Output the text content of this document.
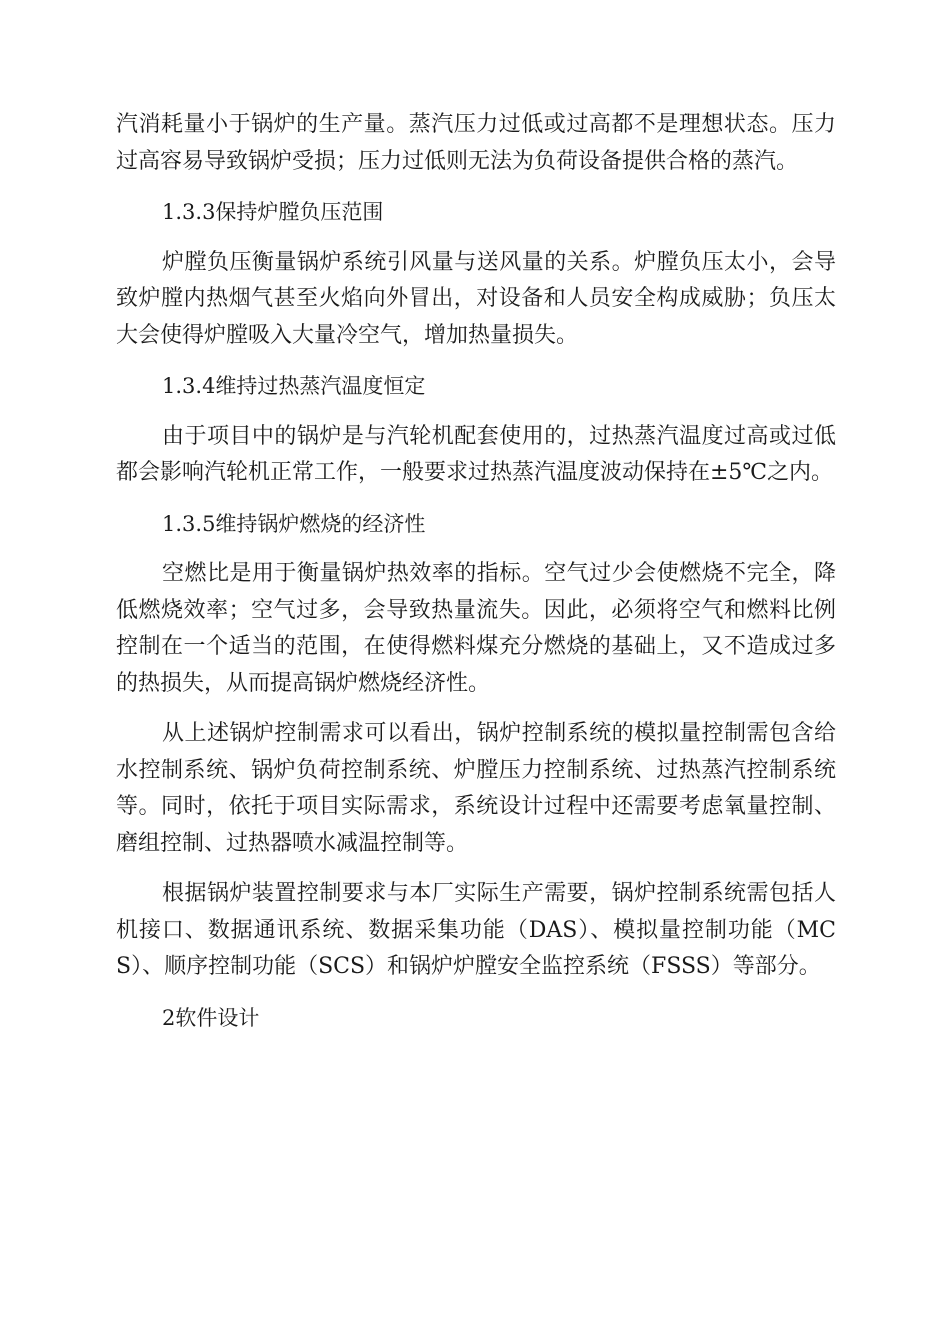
汽消耗量小于锅炉的生产量。蒸汽压力过低或过高都不是理想状态。压力过高容易导致锅炉受损；压力过低则无法为负荷设备提供合格的蒸汽。

1.3.3保持炉膛负压范围

炉膛负压衡量锅炉系统引风量与送风量的关系。炉膛负压太小，会导致炉膛内热烟气甚至火焰向外冒出，对设备和人员安全构成威胁；负压太大会使得炉膛吸入大量冷空气，增加热量损失。

1.3.4维持过热蒸汽温度恒定

由于项目中的锅炉是与汽轮机配套使用的，过热蒸汽温度过高或过低都会影响汽轮机正常工作，一般要求过热蒸汽温度波动保持在±5℃之内。

1.3.5维持锅炉燃烧的经济性

空燃比是用于衡量锅炉热效率的指标。空气过少会使燃烧不完全，降低燃烧效率；空气过多，会导致热量流失。因此，必须将空气和燃料比例控制在一个适当的范围，在使得燃料煤充分燃烧的基础上，又不造成过多的热损失，从而提高锅炉燃烧经济性。

从上述锅炉控制需求可以看出，锅炉控制系统的模拟量控制需包含给水控制系统、锅炉负荷控制系统、炉膛压力控制系统、过热蒸汽控制系统等。同时，依托于项目实际需求，系统设计过程中还需要考虑氧量控制、磨组控制、过热器喷水减温控制等。

根据锅炉装置控制要求与本厂实际生产需要，锅炉控制系统需包括人机接口、数据通讯系统、数据采集功能（DAS）、模拟量控制功能（MCS）、顺序控制功能（SCS）和锅炉炉膛安全监控系统（FSSS）等部分。

2软件设计
